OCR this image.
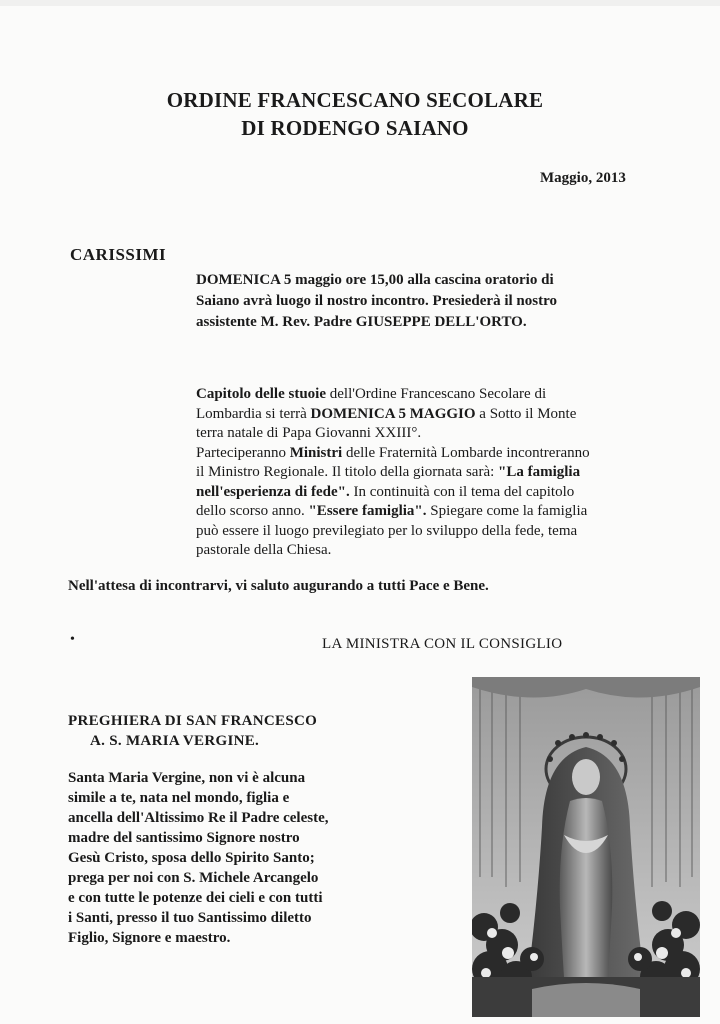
ORDINE FRANCESCANO SECOLARE
DI RODENGO SAIANO
Maggio, 2013
CARISSIMI
DOMENICA 5 maggio ore 15,00 alla cascina oratorio di
Saiano avrà luogo il nostro incontro. Presiederà il nostro
assistente M. Rev. Padre GIUSEPPE DELL'ORTO.
Capitolo delle stuoie dell'Ordine Francescano Secolare di
Lombardia si terrà DOMENICA 5 MAGGIO a Sotto il Monte
terra natale di Papa Giovanni XXIII°.
Parteciperanno Ministri delle Fraternità Lombarde incontreranno
il Ministro Regionale. Il titolo della giornata sarà: "La famiglia
nell'esperienza di fede". In continuità con il tema del capitolo
dello scorso anno. "Essere famiglia". Spiegare come la famiglia
può essere il luogo previlegiato per lo sviluppo della fede, tema
pastorale della Chiesa.
Nell'attesa di incontrarvi, vi saluto augurando a tutti Pace e Bene.
•	LA MINISTRA CON IL CONSIGLIO
PREGHIERA DI SAN FRANCESCO
A. S. MARIA VERGINE.
Santa Maria Vergine, non vi è alcuna
simile a te, nata nel mondo, figlia e
ancella dell'Altissimo Re il Padre celeste,
madre del santissimo Signore nostro
Gesù Cristo, sposa dello Spirito Santo;
prega per noi con S. Michele Arcangelo
e con tutte le potenze dei cieli e con tutti
i Santi, presso il tuo Santissimo diletto
Figlio, Signore e maestro.
